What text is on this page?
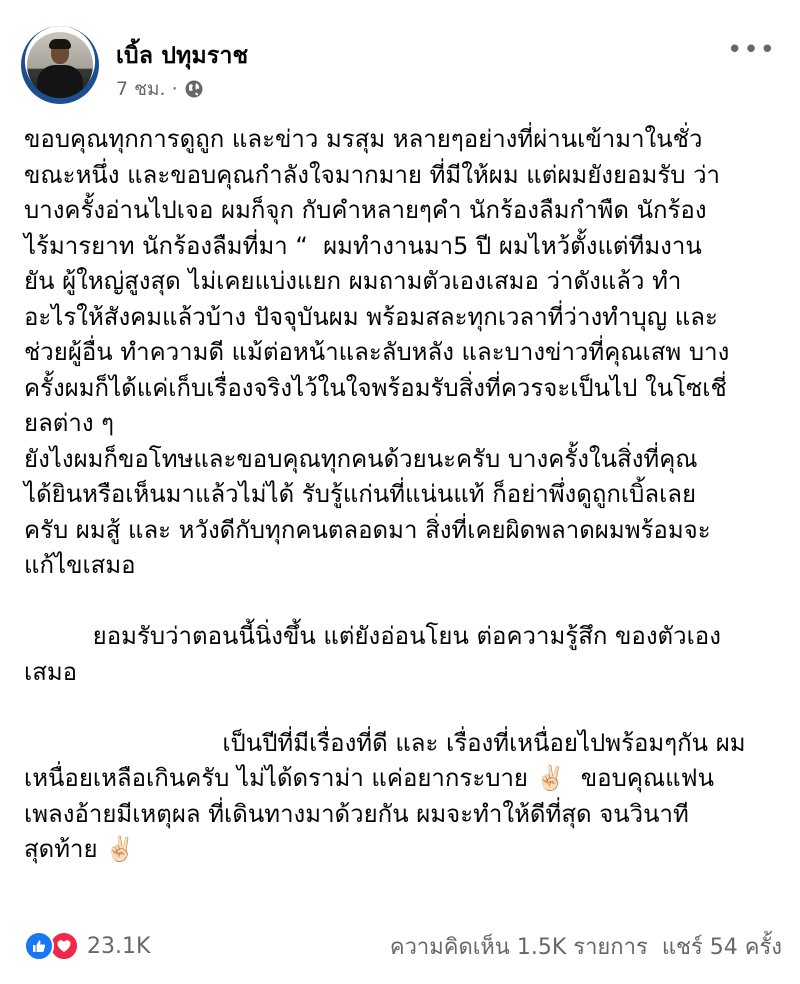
เบิ้ล ปทุมราช
7 ชม. ·
•••

ขอบคุณทุกการดูถูก และข่าว มรสุม หลายๆอย่างที่ผ่านเข้ามาในชั่ว

ขณะหนึ่ง และขอบคุณกำลังใจมากมาย ที่มีให้ผม แต่ผมยังยอมรับ ว่า

บางครั้งอ่านไปเจอ ผมก็จุก กับคำหลายๆคำ นักร้องลืมกำพืด นักร้อง

ไร้มารยาท นักร้องลืมที่มา “  ผมทำงานมา5 ปี ผมไหว้ตั้งแต่ทีมงาน

ยัน ผู้ใหญ่สูงสุด ไม่เคยแบ่งแยก ผมถามตัวเองเสมอ ว่าดังแล้ว ทำ

อะไรให้สังคมแล้วบ้าง ปัจจุบันผม พร้อมสละทุกเวลาที่ว่างทำบุญ และ

ช่วยผู้อื่น ทำความดี แม้ต่อหน้าและลับหลัง และบางข่าวที่คุณเสพ บาง

ครั้งผมก็ได้แค่เก็บเรื่องจริงไว้ในใจพร้อมรับสิ่งที่ควรจะเป็นไป ในโซเชี่

ยลต่าง ๆ

ยังไงผมก็ขอโทษและขอบคุณทุกคนด้วยนะครับ บางครั้งในสิ่งที่คุณ

ได้ยินหรือเห็นมาแล้วไม่ได้ รับรู้แก่นที่แน่นแท้ ก็อย่าพึ่งดูถูกเบิ้ลเลย

ครับ ผมสู้ และ หวังดีกับทุกคนตลอดมา สิ่งที่เคยผิดพลาดผมพร้อมจะ

แก้ไขเสมอ

ยอมรับว่าตอนนี้นิ่งขึ้น แต่ยังอ่อนโยน ต่อความรู้สึก ของตัวเอง

เสมอ

เป็นปีที่มีเรื่องที่ดี และ เรื่องที่เหนื่อยไปพร้อมๆกัน ผม

เหนื่อยเหลือเกินครับ ไม่ได้ดราม่า แค่อยากระบาย ✌🏻  ขอบคุณแฟน

เพลงอ้ายมีเหตุผล ที่เดินทางมาด้วยกัน ผมจะทำให้ดีที่สุด จนวินาที

สุดท้าย ✌🏻

23.1K	ความคิดเห็น 1.5K รายการ แชร์ 54 ครั้ง
